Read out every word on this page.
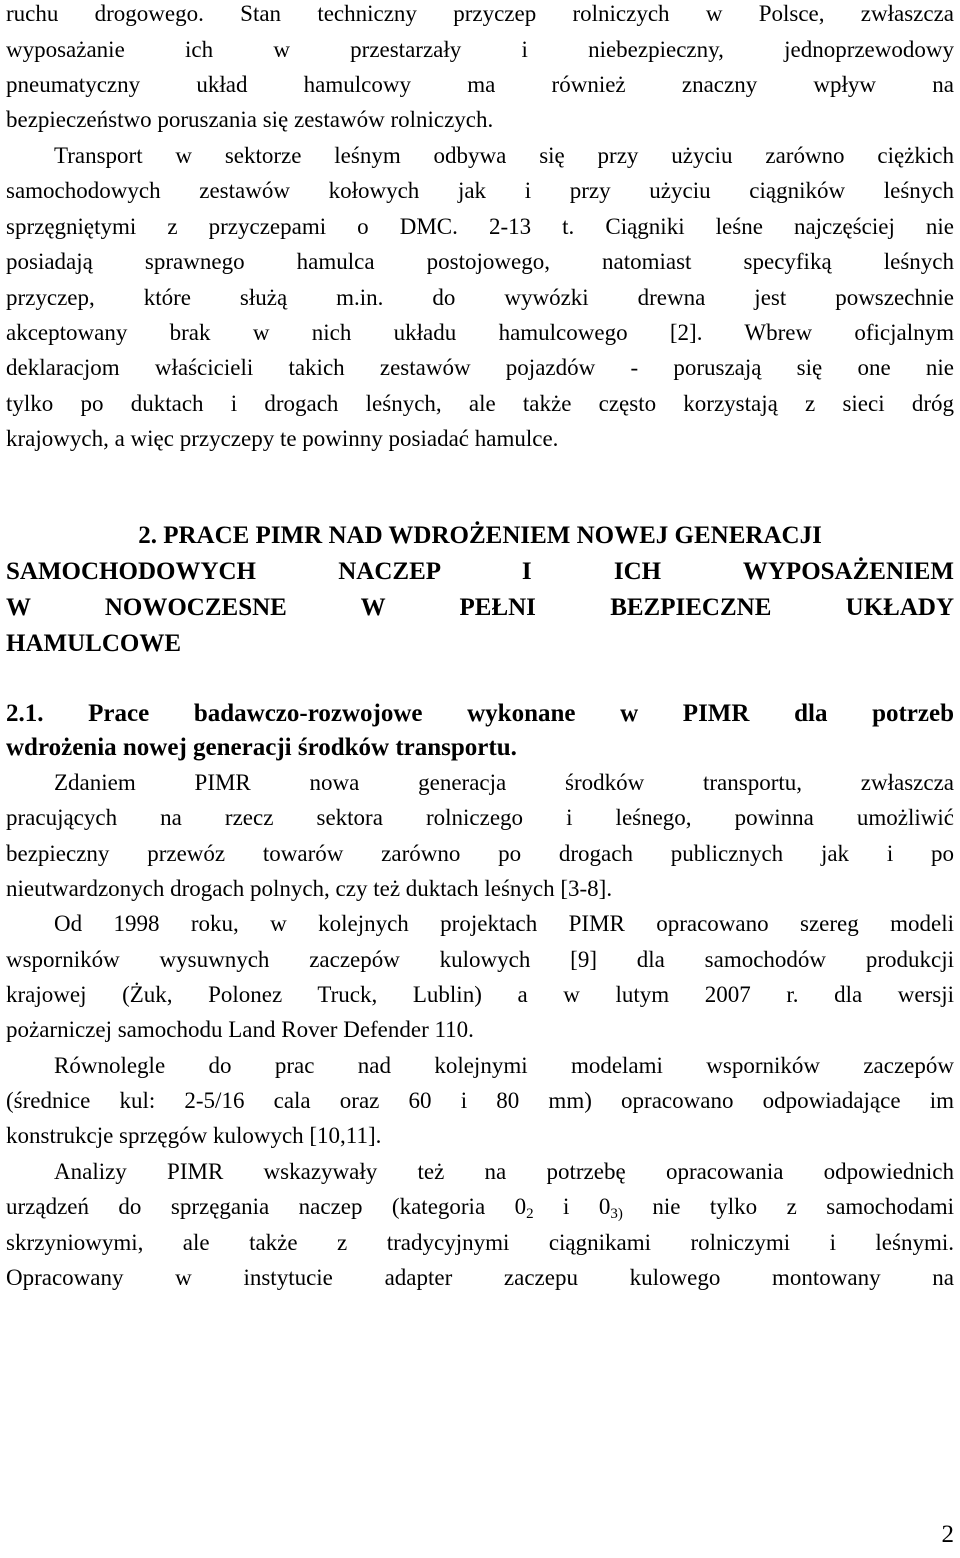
ruchu drogowego. Stan techniczny przyczep rolniczych w Polsce, zwłaszcza
wyposażanie ich w przestarzały i niebezpieczny, jednoprzewodowy
pneumatyczny układ hamulcowy ma również znaczny wpływ na
bezpieczeństwo poruszania się zestawów rolniczych.
Transport w sektorze leśnym odbywa się przy użyciu zarówno ciężkich
samochodowych zestawów kołowych jak i przy użyciu ciągników leśnych
sprzęgniętymi z przyczepami o DMC. 2-13 t. Ciągniki leśne najczęściej nie
posiadają sprawnego hamulca postojowego, natomiast specyfiką leśnych
przyczep, które służą m.in. do wywózki drewna jest powszechnie
akceptowany brak w nich układu hamulcowego [2]. Wbrew oficjalnym
deklaracjom właścicieli takich zestawów pojazdów - poruszają się one nie
tylko po duktach i drogach leśnych, ale także często korzystają z sieci dróg
krajowych, a więc przyczepy te powinny posiadać hamulce.
2. PRACE PIMR NAD WDROŻENIEM NOWEJ GENERACJI
SAMOCHODOWYCH NACZEP I ICH WYPOSAŻENIEM
W NOWOCZESNE W PEŁNI BEZPIECZNE UKŁADY
HAMULCOWE
2.1. Prace badawczo-rozwojowe wykonane w PIMR dla potrzeb
wdrożenia nowej generacji środków transportu.
Zdaniem PIMR nowa generacja środków transportu, zwłaszcza
pracujących na rzecz sektora rolniczego i leśnego, powinna umożliwić
bezpieczny przewóz towarów zarówno po drogach publicznych jak i po
nieutwardzonych drogach polnych, czy też duktach leśnych [3-8].
Od 1998 roku, w kolejnych projektach PIMR opracowano szereg modeli
wsporników wysuwnych zaczepów kulowych [9] dla samochodów produkcji
krajowej (Żuk, Polonez Truck, Lublin) a w lutym 2007 r. dla wersji
pożarniczej samochodu Land Rover Defender 110.
Równolegle do prac nad kolejnymi modelami wsporników zaczepów
(średnice kul: 2-5/16 cala oraz 60 i 80 mm) opracowano odpowiadające im
konstrukcje sprzęgów kulowych [10,11].
Analizy PIMR wskazywały też na potrzebę opracowania odpowiednich
urządzeń do sprzęgania naczep (kategoria $0_2$ i $0_{3)}$ nie tylko z samochodami
skrzyniowymi, ale także z tradycyjnymi ciągnikami rolniczymi i leśnymi.
Opracowany w instytucie adapter zaczepu kulowego montowany na
2
